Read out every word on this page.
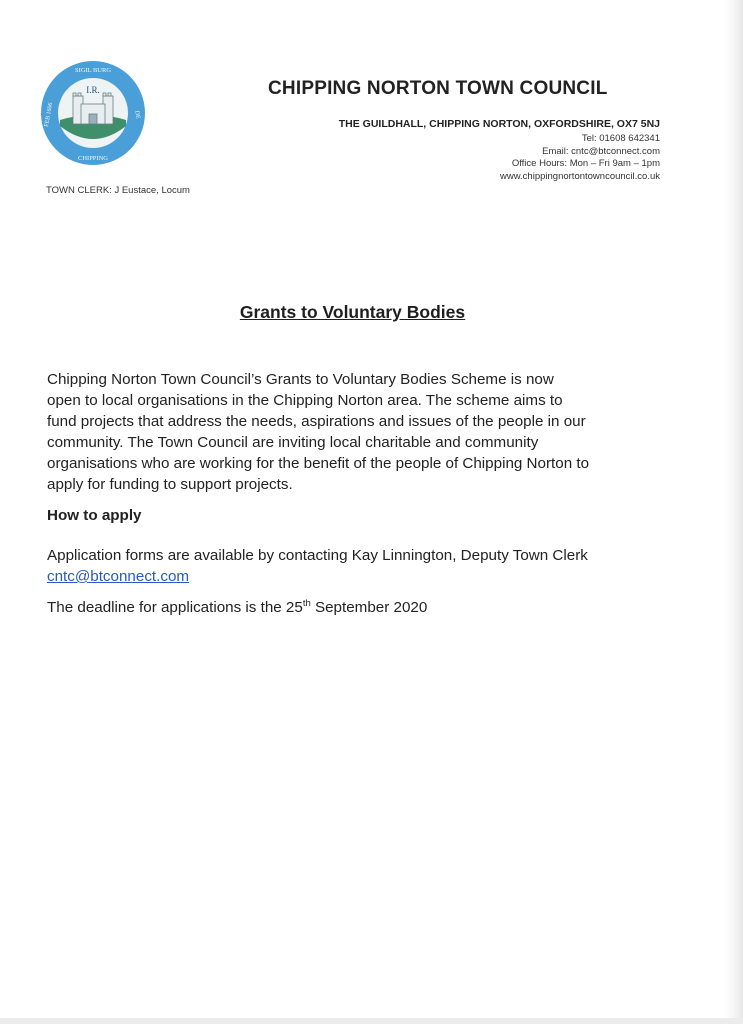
I.R.
SIGIL BURG
CHIPPING
FEB 1606	DE
CHIPPING NORTON TOWN COUNCIL
THE GUILDHALL, CHIPPING NORTON, OXFORDSHIRE, OX7 5NJ
Tel: 01608 642341
Email: cntc@btconnect.com
Office Hours: Mon – Fri 9am – 1pm
www.chippingnortontowncouncil.co.uk
TOWN CLERK: J Eustace, Locum
Grants to Voluntary Bodies
Chipping Norton Town Council’s Grants to Voluntary Bodies Scheme is now
open to local organisations in the Chipping Norton area. The scheme aims to
fund projects that address the needs, aspirations and issues of the people in our
community. The Town Council are inviting local charitable and community
organisations who are working for the benefit of the people of Chipping Norton to
apply for funding to support projects.
How to apply
Application forms are available by contacting Kay Linnington, Deputy Town Clerk
cntc@btconnect.com
The deadline for applications is the 25th September 2020
